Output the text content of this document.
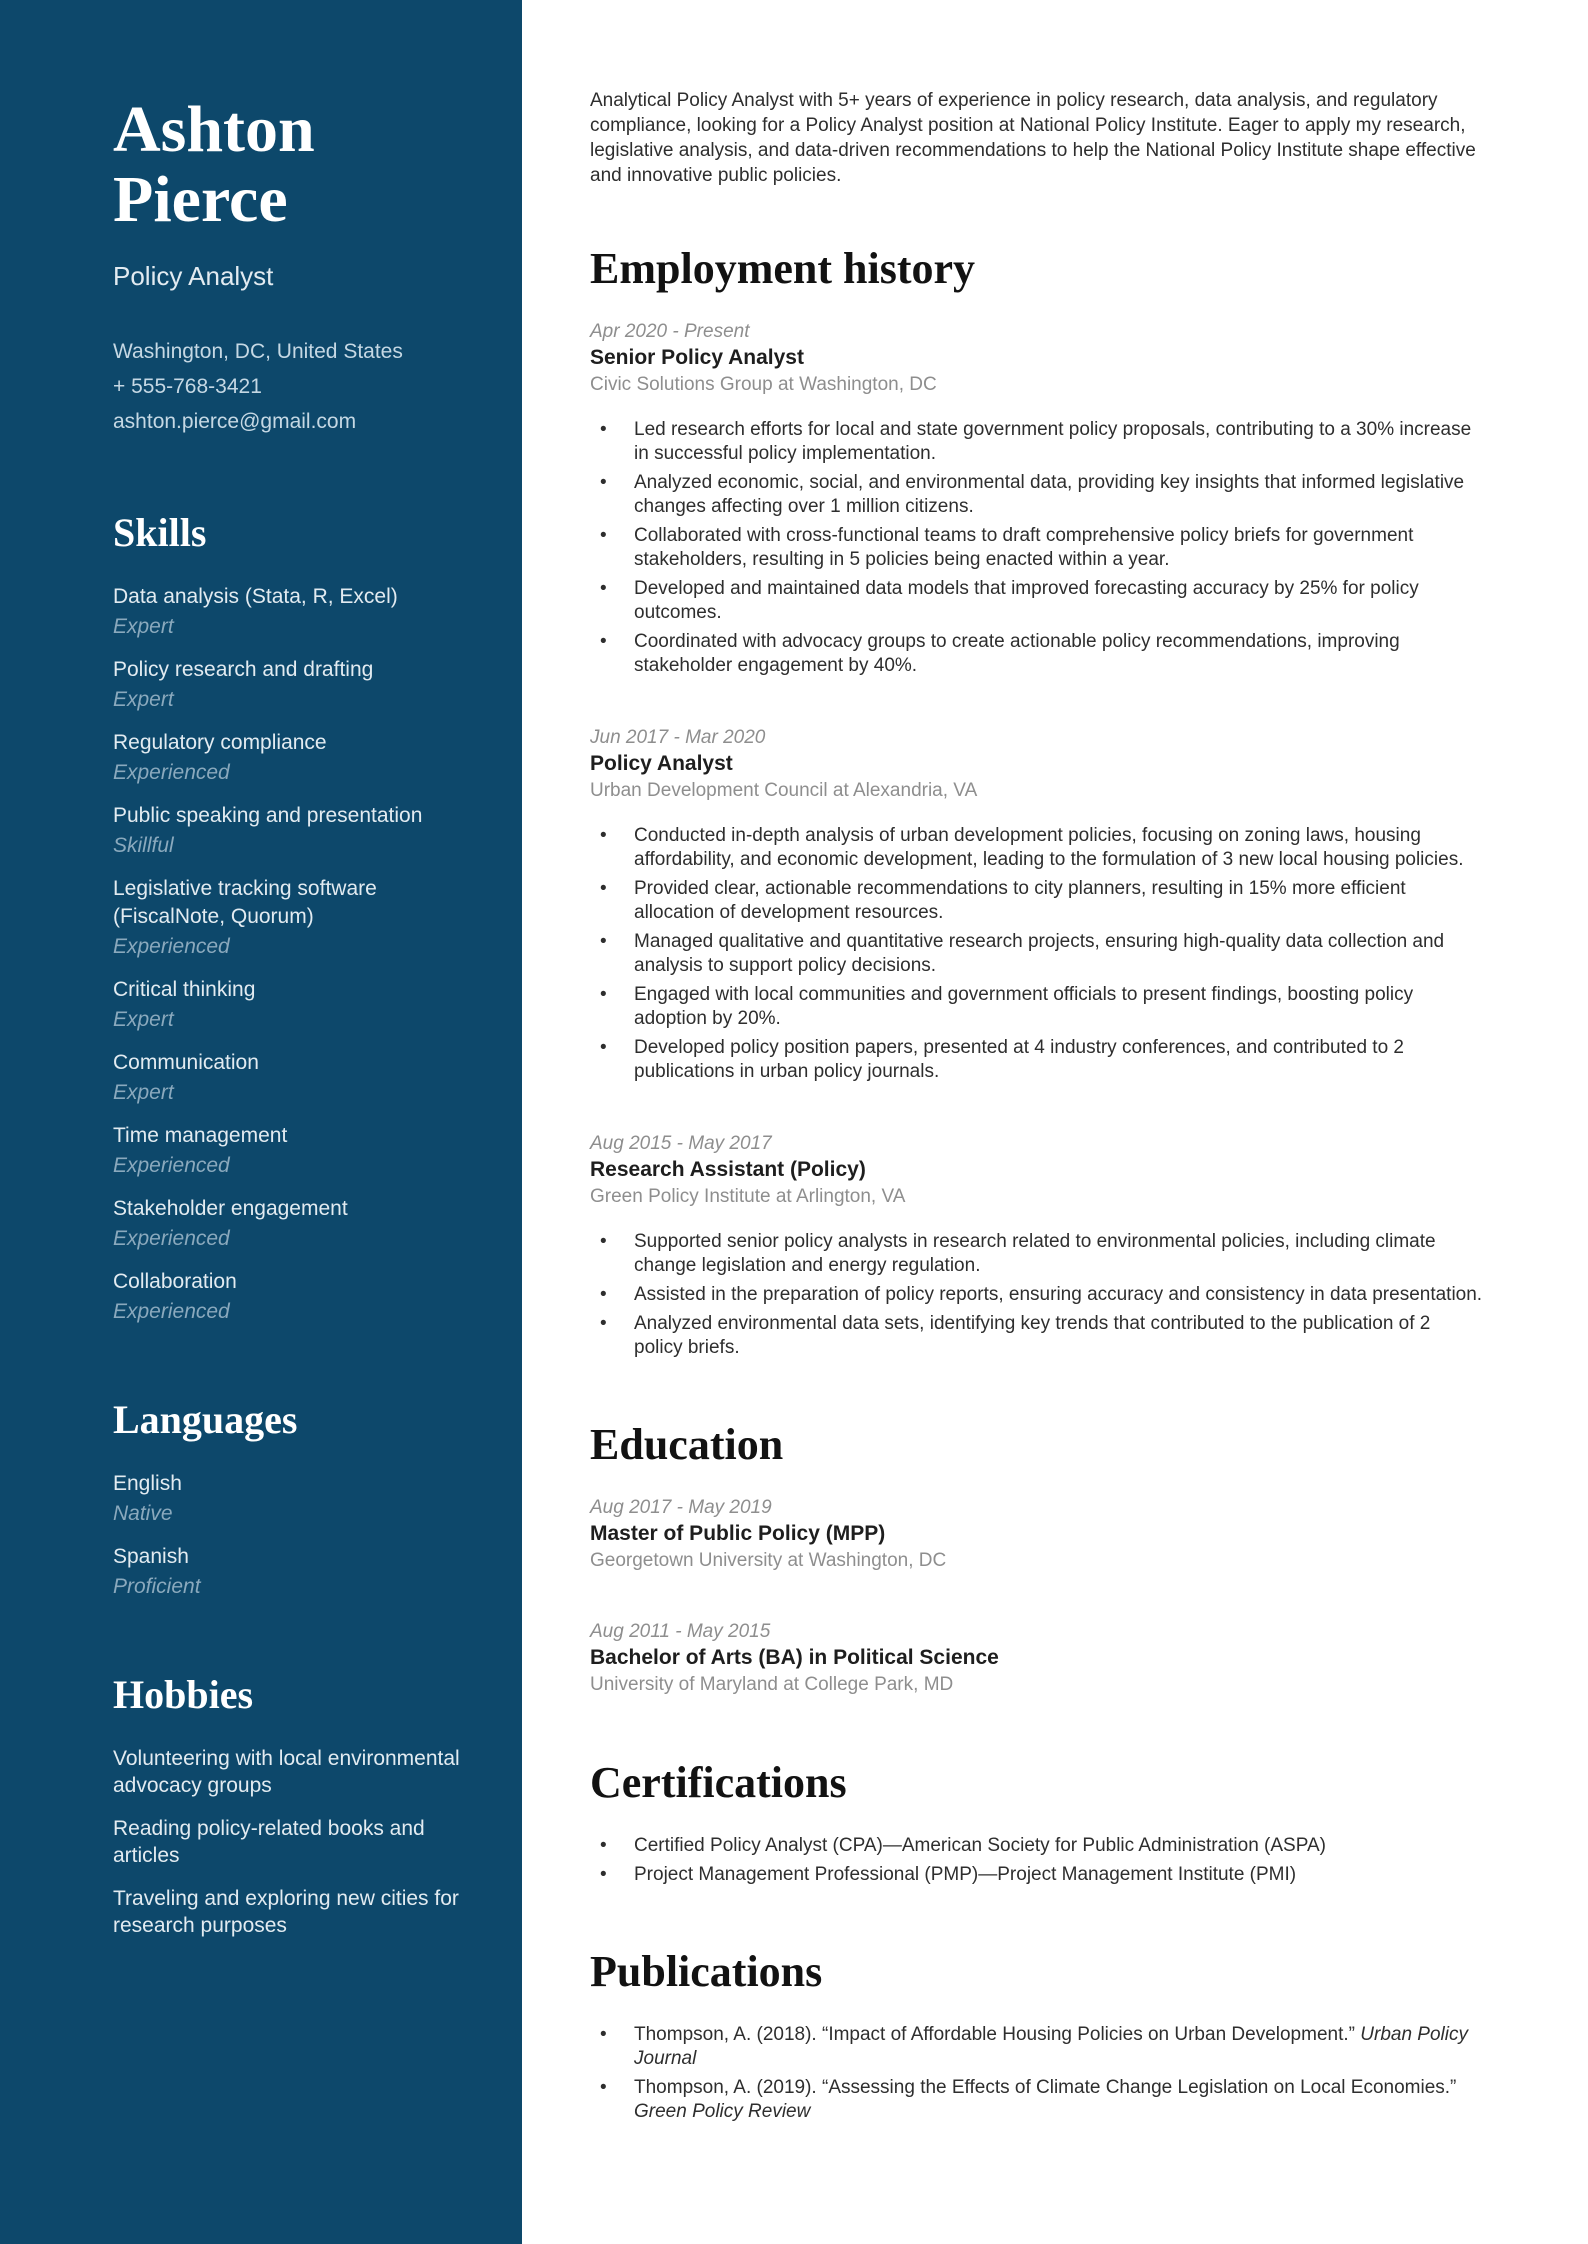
Ashton
Pierce
Policy Analyst
Washington, DC, United States
+ 555-768-3421
ashton.pierce@gmail.com
Skills
Data analysis (Stata, R, Excel)
Expert
Policy research and drafting
Expert
Regulatory compliance
Experienced
Public speaking and presentation
Skillful
Legislative tracking software (FiscalNote, Quorum)
Experienced
Critical thinking
Expert
Communication
Expert
Time management
Experienced
Stakeholder engagement
Experienced
Collaboration
Experienced
Languages
English
Native
Spanish
Proficient
Hobbies
Volunteering with local environmental advocacy groups
Reading policy-related books and articles
Traveling and exploring new cities for research purposes

Analytical Policy Analyst with 5+ years of experience in policy research, data analysis, and regulatory compliance, looking for a Policy Analyst position at National Policy Institute. Eager to apply my research, legislative analysis, and data-driven recommendations to help the National Policy Institute shape effective and innovative public policies.

Employment history
Apr 2020 - Present
Senior Policy Analyst
Civic Solutions Group at Washington, DC
• Led research efforts for local and state government policy proposals, contributing to a 30% increase in successful policy implementation.
• Analyzed economic, social, and environmental data, providing key insights that informed legislative changes affecting over 1 million citizens.
• Collaborated with cross-functional teams to draft comprehensive policy briefs for government stakeholders, resulting in 5 policies being enacted within a year.
• Developed and maintained data models that improved forecasting accuracy by 25% for policy outcomes.
• Coordinated with advocacy groups to create actionable policy recommendations, improving stakeholder engagement by 40%.
Jun 2017 - Mar 2020
Policy Analyst
Urban Development Council at Alexandria, VA
• Conducted in-depth analysis of urban development policies, focusing on zoning laws, housing affordability, and economic development, leading to the formulation of 3 new local housing policies.
• Provided clear, actionable recommendations to city planners, resulting in 15% more efficient allocation of development resources.
• Managed qualitative and quantitative research projects, ensuring high-quality data collection and analysis to support policy decisions.
• Engaged with local communities and government officials to present findings, boosting policy adoption by 20%.
• Developed policy position papers, presented at 4 industry conferences, and contributed to 2 publications in urban policy journals.
Aug 2015 - May 2017
Research Assistant (Policy)
Green Policy Institute at Arlington, VA
• Supported senior policy analysts in research related to environmental policies, including climate change legislation and energy regulation.
• Assisted in the preparation of policy reports, ensuring accuracy and consistency in data presentation.
• Analyzed environmental data sets, identifying key trends that contributed to the publication of 2 policy briefs.
Education
Aug 2017 - May 2019
Master of Public Policy (MPP)
Georgetown University at Washington, DC
Aug 2011 - May 2015
Bachelor of Arts (BA) in Political Science
University of Maryland at College Park, MD
Certifications
• Certified Policy Analyst (CPA)—American Society for Public Administration (ASPA)
• Project Management Professional (PMP)—Project Management Institute (PMI)
Publications
• Thompson, A. (2018). “Impact of Affordable Housing Policies on Urban Development.” Urban Policy Journal
• Thompson, A. (2019). “Assessing the Effects of Climate Change Legislation on Local Economies.” Green Policy Review
